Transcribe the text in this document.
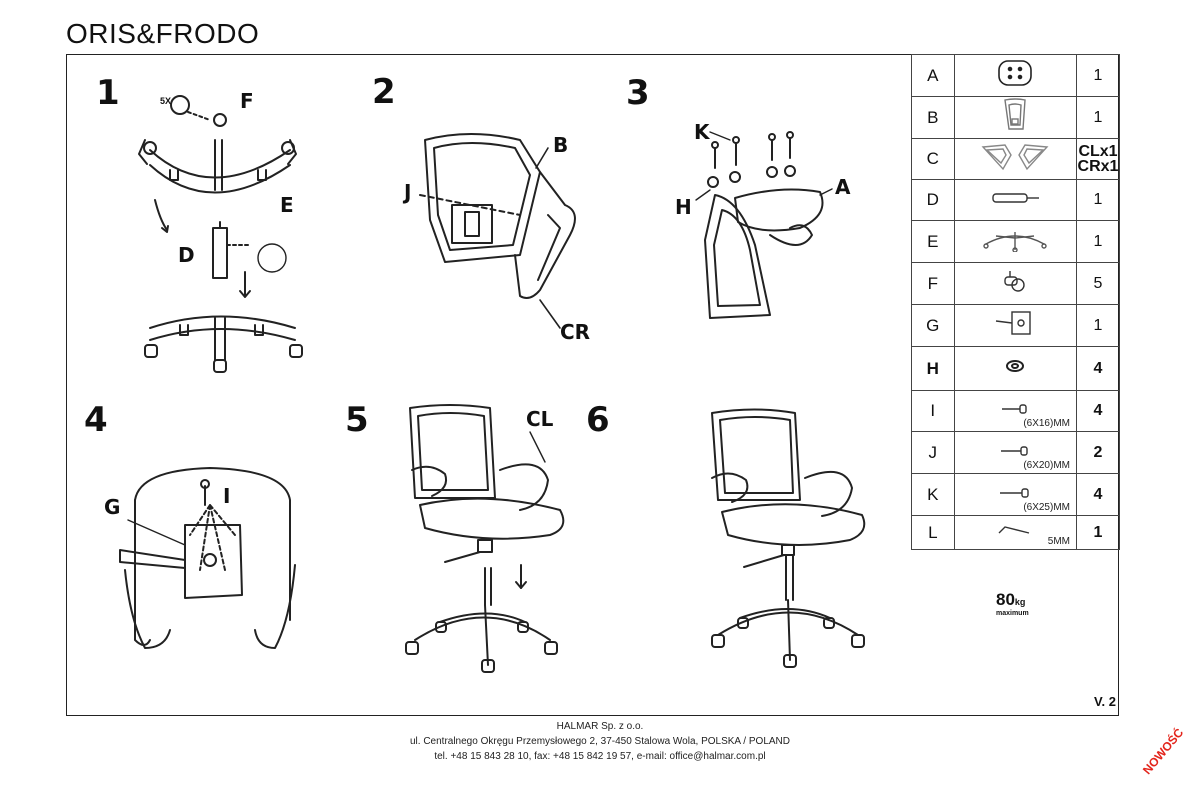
ORIS&FRODO
1	2	3
4	5	6
F
E
D
5X
B
J
CR
K
H
A
G	I
CL
A		1
B		1
C		CLx1
CRx1

D		1
E		1
F		5
G		1
H		4
I	(6X16)MM	4
J	(6X20)MM	2
K	(6X25)MM	4
L	5MM	1
80kg
maximum
V. 2
HALMAR Sp. z o.o.
ul. Centralnego Okręgu Przemysłowego 2, 37-450 Stalowa Wola, POLSKA / POLAND
tel. +48 15 843 28 10, fax: +48 15 842 19 57, e-mail: office@halmar.com.pl	NOWOŚĆ
